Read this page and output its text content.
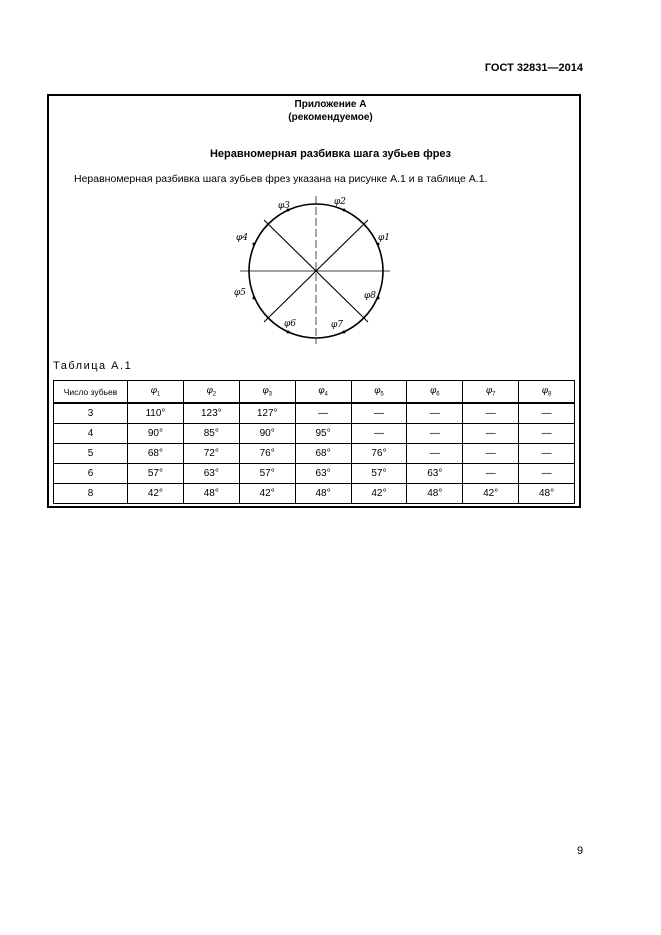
ГОСТ 32831—2014
Приложение А
(рекомендуемое)
Неравномерная разбивка шага зубьев фрез
Неравномерная разбивка шага зубьев фрез указана на рисунке А.1 и в таблице А.1.
φ3	φ2
φ1
φ4
φ5	φ8
φ6	φ7
Таблица А.1
Число зубьев	$\varphi_1$	$\varphi_2$	$\varphi_3$	$\varphi_4$	$\varphi_5$	$\varphi_6$	$\varphi_7$	$\varphi_8$
3	110°	123°	127°	—	—	—	—	—
4	90°	85°	90°	95°	—	—	—	—
5	68°	72°	76°	68°	76°	—	—	—
6	57°	63°	57°	63°	57°	63°	—	—
8	42°	48°	42°	48°	42°	48°	42°	48°
9
